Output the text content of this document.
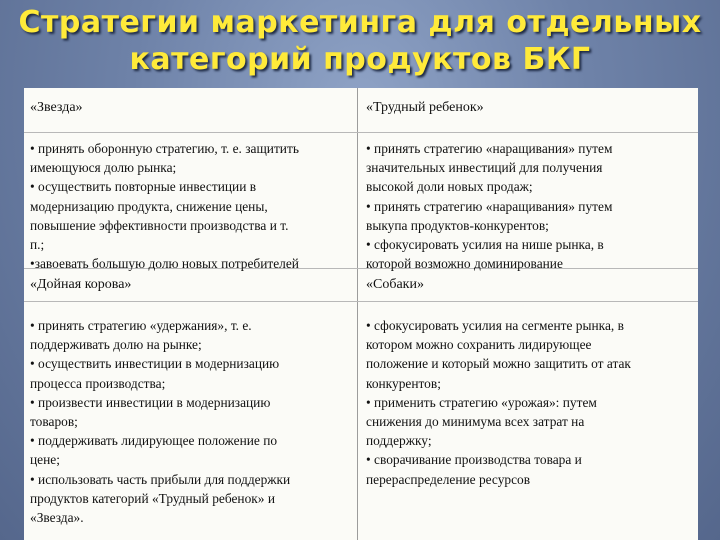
Стратегии маркетинга для отдельных
категорий продуктов БКГ
«Звезда»

• принять оборонную стратегию, т. е. защитить

имеющуюся долю рынка;

• осуществить повторные инвестиции в

модернизацию продукта, снижение цены,

повышение эффективности производства и т.

п.;

•завоевать большую долю новых потребителей

«Трудный ребенок»

• принять стратегию «наращивания» путем

значительных инвестиций для получения

высокой доли новых продаж;

• принять стратегию «наращивания» путем

выкупа продуктов-конкурентов;

• сфокусировать усилия на нише рынка, в

которой возможно доминирование

«Дойная корова»

• принять стратегию «удержания», т. е.

поддерживать долю на рынке;

• осуществить инвестиции в модернизацию

процесса производства;

• произвести инвестиции в модернизацию

товаров;

• поддерживать лидирующее положение по

цене;

• использовать часть прибыли для поддержки

продуктов категорий «Трудный ребенок» и

«Звезда».

«Собаки»

• сфокусировать усилия на сегменте рынка, в

котором можно сохранить лидирующее

положение и который можно защитить от атак

конкурентов;

• применить стратегию «урожая»: путем

снижения до минимума всех затрат на

поддержку;

• сворачивание производства товара и

перераспределение ресурсов
